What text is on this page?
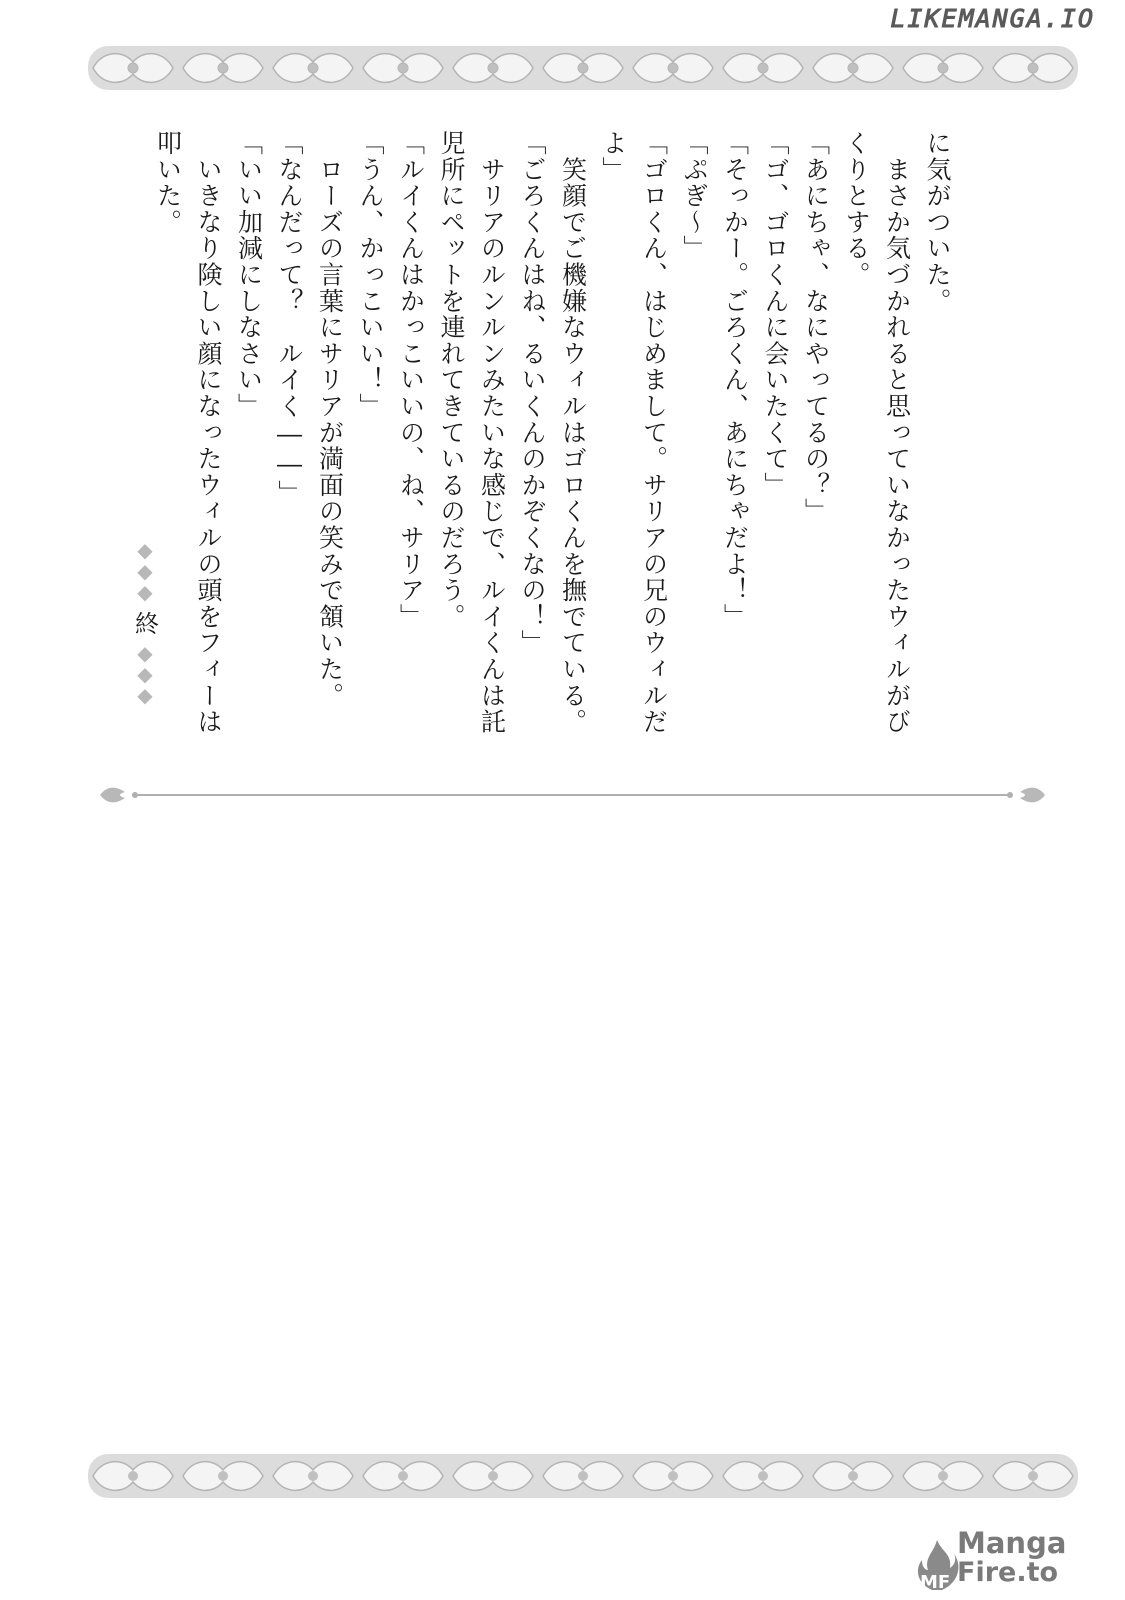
LIKEMANGA.IO
に気がついた。
　まさか気づかれると思っていなかったウィルがび
くりとする。
「あにちゃ、なにやってるの？」
「ゴ、ゴロくんに会いたくて」
「そっかー。ごろくん、あにちゃだよ！」
「ぷぎ～」
「ゴロくん、はじめまして。サリアの兄のウィルだ
よ」
　笑顔でご機嫌なウィルはゴロくんを撫でている。
「ごろくんはね、るいくんのかぞくなの！」
　サリアのルンルンみたいな感じで、ルイくんは託
児所にペットを連れてきているのだろう。
「ルイくんはかっこいいの、ね、サリア」
「うん、かっこいい！」
　ローズの言葉にサリアが満面の笑みで頷いた。
「なんだって？　ルイく――」
「いい加減にしなさい」
　いきなり険しい顔になったウィルの頭をフィーは
叩いた。
◆
◆
◆
終
◆
◆
◆
MF
Manga
Fire.to
